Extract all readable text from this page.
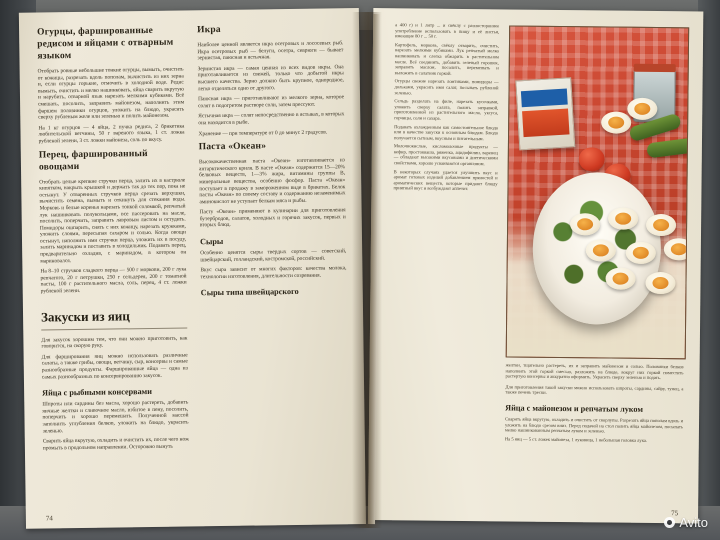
Огурцы, фаршированные редисом и яйцами с отварным языком

Отобрать ровные небольшие тонкие огурцы, вымыть, очистить от кожицы, разрезать вдоль пополам, вычистить из них зерна и, если огурцы горькие, отмочить в холодной воде. Редис вымыть, очистить и мелко нашинковать, яйца сварить вкрутую и нарубить, отварной язык нарезать мелкими кубиками. Всё смешать, посолить, заправить майонезом, наполнить этим фаршем половинки огурцов, уложить на блюдо, украсить сверху рубленым желе или зеленью и полить майонезом.

На 1 кг огурцов — 4 яйца, 2 пучка редиса, 2 брикетика любительской ветчины, 50 г вареного языка, 1 ст. ложка рубленой зелени, 3 ст. ложки майонеза, соль по вкусу.

Перец, фаршированный овощами

Отобрать целые крепкие стручки перца, залить их в кастрюле кипятком, накрыть крышкой и держать так до тех пор, пока не остынут. У отваренных стручков перца срезать верхушки, вычистить семена, вымыть и откинуть для стекания воды. Морковь и белые коренья нарезать тонкой соломкой, репчатый лук нашинковать полукольцами, все пассеровать на масле, посолить, поперчить, заправить лавровым листом и остудить. Помидоры ошпарить, снять с них кожицу, нарезать кружками, уложить слоями, пересыпая сахаром и солью. Когда овощи остынут, наполнить ими стручки перца, уложить их в посуду, залить маринадом и поставить в холодильник. Подавать перец, предварительно охладив, с маринадом, в котором он мариновался.

На 8–10 стручков сладкого перца — 500 г моркови, 200 г лука репчатого, 20 г петрушки, 250 г сельдерея, 200 г томатной пасты, 100 г растительного масла, соль, перец, 4 ст. ложки рубленой зелени.

Закуски из яиц

Для закусок хорошим тем, что они можно приготовить, как говорится, на скорую руку.

Для фарширования яиц можно использовать различные салаты, а также грибы, овощи, ветчину, сыр, консервы и самые разнообразные продукты. Фаршированные яйца — одна из самых разнообразных по консервированию закусок.

Яйца с рыбными консервами

Шпроты или сардины без масла, хорошо растереть, добавить яичные желтки и сливочное масло, взбитое в пену, посолить, поперчить и хорошо перемешать. Полученной массой заполнить углубления белков, уложить на блюдо, украсить зеленью.

Сварить яйца вкрутую, охладить и очистить их, после чего нож промыть в продольном направлении. Осторожно вынуть

Икра

Наиболее ценной является икра осетровых и лососевых рыб. Икра осетровых рыб — белуги, осетра, севрюги — бывает зернистая, паюсная и ястычная.

Зернистая икра — самая ценная из всех видов икры. Она приготавливается из свежей, только что добытой икры высшего качества. Зерно должно быть крупное, однородное, легко отделяться одно от другого.

Паюсная икра — приготавливают из мелкого зерна, которое солят в подогретом растворе соли, затем прессуют.

Ястычная икра — солят непосредственно в ястыках, в которых она находится в рыбе.

Хранение — при температуре от 0 до минус 2 градусов.

Паста «Океан»

Высококачественная паста «Океан» изготавливается из антарктического криля. В пасте «Океан» содержится 15—20% белковых веществ, 1—3% жира, витамины группы В, минеральные вещества, особенно фосфор. Паста «Океан» поступает в продажу в замороженном виде в брикетах. Белок пасты «Океан» по своему составу и содержанию незаменимых аминокислот не уступает белкам мяса и рыбы.

Пасту «Океан» применяют в кулинарии для приготовления бутербродов, салатов, холодных и горячих закусок, первых и вторых блюд.

Сыры

Особенно ценятся сыры твердых сортов — советский, швейцарский, голландский, костромской, российский.

Вкус сыра зависит от многих факторов: качества молока, технологии изготовления, длительности созревания.

Сыры типа швейцарского
74

а 400 г) и 1 литр ... и свёклу с разностороннее употребление использовать в пищу и её листья, имеющие 80 г ... 50 г.

Картофель, морковь, свёклу отварить, очистить, нарезать мелкими кубиками. Лук репчатый мелко нашинковать и слегка обжарить в растительном масле. Всё соединить, добавить зеленый горошек, заправить маслом, посолить, перемешать и выложить в салатник горкой.

Огурцы свежие нарезать ломтиками, помидоры — дольками, украсить ими салат, посыпать рубленой зеленью.

Сельдь разделать на филе, нарезать кусочками, уложить сверху салата, полить заправкой, приготовленной из растительного масла, уксуса, горчицы, соли и сахара.

Подавать охлажденным как самостоятельное блюдо или в качестве закуски к основным блюдам. Блюдо получается сытным, вкусным и питательным.

Молочнокислые, кисломолочные продукты — кефир, простокваша, ряженка, ацидофилин, варенец — обладают высокими вкусовыми и диетическими свойствами, хорошо усваиваются организмом.

В некоторых случаях удается улучшить вкус и аромат готовых изделий добавлением пряностей и ароматических веществ, которые придают блюду приятный вкус и возбуждают аппетит.

желтки, тщательно растереть, их и заправить майонезом и солью. Половинки белков наполнить этой горкой смесью, разложить на блюде, вокруг них горкой поместить растертую консервы и аккуратно оформить. Украсить сверху зеленью и подать.

Для приготовления такой закуски можно использовать шпроты, сардины, сайру, тунец, а также печень трески.

Яйца с майонезом и репчатым луком

Сварить яйца вкрутую, охладить и очистить от скорлупы. Разрезать яйца пополам вдоль и уложить на блюдо срезом вниз. Перед подачей на стол полить яйца майонезом, посыпать мелко нашинкованным репчатым луком и зеленью.

На 5 яиц — 5 ст. ложек майонеза, 1 луковица, 1 небольшая головка лука.

75
Avito
